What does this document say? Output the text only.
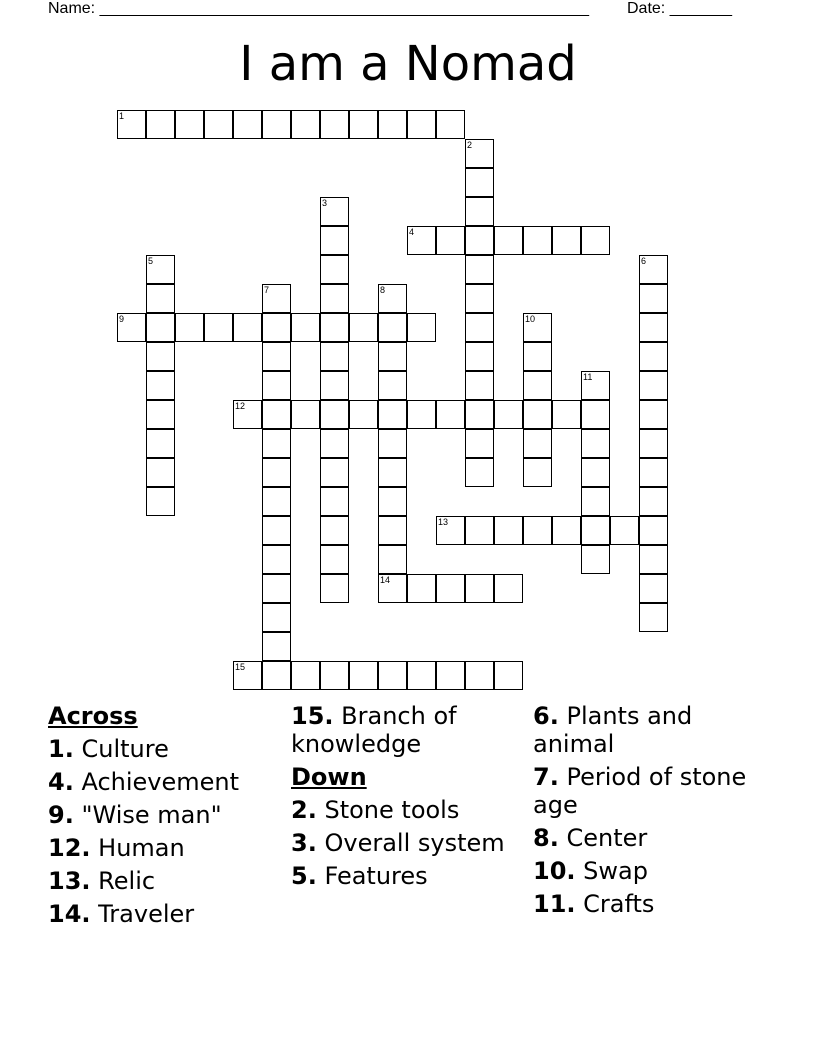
Name: _______________________________________________________ Date: _______
I am a Nomad
1
2
3
4
5	6
7	8
14
9	10
11
12
13
15
Across
1. Culture
4. Achievement
9. "Wise man"
12. Human
13. Relic
14. Traveler
15. Branch of knowledge
Down
2. Stone tools
3. Overall system
5. Features
6. Plants and animal
7. Period of stone age
8. Center
10. Swap
11. Crafts
